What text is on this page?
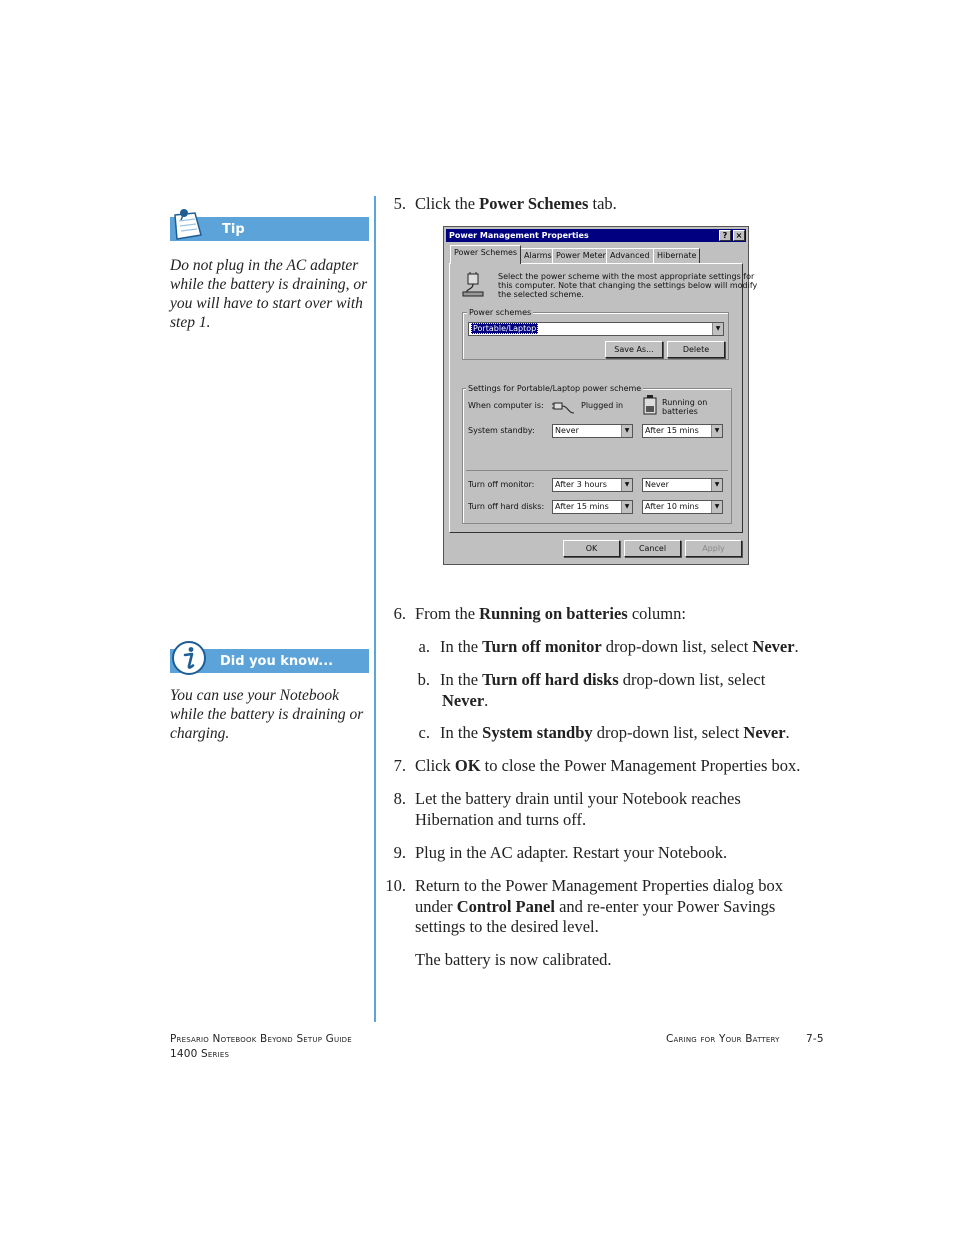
Tip
Do not plug in the AC adapter while the battery is draining, or you will have to start over with step 1.
Did you know...
You can use your Notebook while the battery is draining or charging.
5. Click the Power Schemes tab.
Power Management Properties	?	×
Power Schemes Alarms Power Meter Advanced Hibernate
Select the power scheme with the most appropriate settings for
this computer. Note that changing the settings below will modify
the selected scheme.
Power schemes
Portable/Laptop	▼
Save As...	Delete
Settings for Portable/Laptop power scheme
When computer is:	Plugged in	Running on
batteries
System standby:	Never	▼	After 15 mins	▼
Turn off monitor:	After 3 hours	▼	Never	▼
Turn off hard disks:	After 15 mins	▼	After 10 mins	▼
OK	Cancel	Apply
6. From the Running on batteries column:
a. In the Turn off monitor drop-down list, select Never.
b. In the Turn off hard disks drop-down list, select
Never.
c. In the System standby drop-down list, select Never.
7. Click OK to close the Power Management Properties box.
8. Let the battery drain until your Notebook reaches
Hibernation and turns off.
9. Plug in the AC adapter. Restart your Notebook.
10. Return to the Power Management Properties dialog box
under Control Panel and re-enter your Power Savings
settings to the desired level.
The battery is now calibrated.
Presario Notebook Beyond Setup Guide
1400 Series
Caring for Your Battery	7-5
